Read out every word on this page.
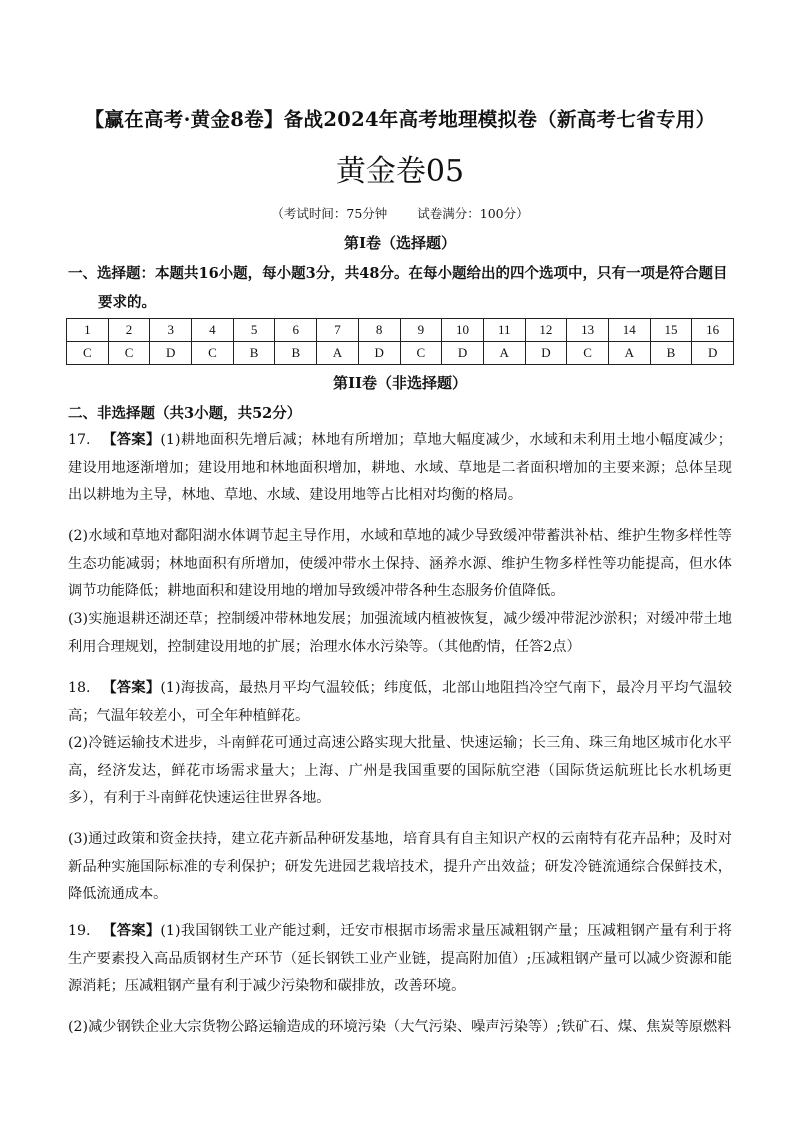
【赢在高考·黄金8卷】备战2024年高考地理模拟卷（新高考七省专用）
黄金卷05
（考试时间：75分钟 试卷满分：100分）
第I卷（选择题）
一、选择题：本题共16小题，每小题3分，共48分。在每小题给出的四个选项中，只有一项是符合题目
要求的。
1	2	3	4	5	6	7	8	9	10	11	12	13	14	15	16
C	C	D	C	B	B	A	D	C	D	A	D	C	A	B	D
第II卷（非选择题）
二、非选择题（共3小题，共52分）
17. 【答案】(1)耕地面积先增后减；林地有所增加；草地大幅度减少，水域和未利用土地小幅度减少；建设用地逐渐增加；建设用地和林地面积增加，耕地、水域、草地是二者面积增加的主要来源；总体呈现出以耕地为主导，林地、草地、水域、建设用地等占比相对均衡的格局。
(2)水域和草地对鄱阳湖水体调节起主导作用，水域和草地的减少导致缓冲带蓄洪补枯、维护生物多样性等生态功能减弱；林地面积有所增加，使缓冲带水土保持、涵养水源、维护生物多样性等功能提高，但水体调节功能降低；耕地面积和建设用地的增加导致缓冲带各种生态服务价值降低。
(3)实施退耕还湖还草；控制缓冲带林地发展；加强流域内植被恢复，减少缓冲带泥沙淤积；对缓冲带土地利用合理规划，控制建设用地的扩展；治理水体水污染等。（其他酌情，任答2点）
18. 【答案】(1)海拔高，最热月平均气温较低；纬度低，北部山地阻挡冷空气南下，最冷月平均气温较高；气温年较差小，可全年种植鲜花。
(2)冷链运输技术进步，斗南鲜花可通过高速公路实现大批量、快速运输；长三角、珠三角地区城市化水平高，经济发达，鲜花市场需求量大；上海、广州是我国重要的国际航空港（国际货运航班比长水机场更多），有利于斗南鲜花快速运往世界各地。
(3)通过政策和资金扶持，建立花卉新品种研发基地，培育具有自主知识产权的云南特有花卉品种；及时对新品种实施国际标准的专利保护；研发先进园艺栽培技术，提升产出效益；研发冷链流通综合保鲜技术，降低流通成本。
19. 【答案】(1)我国钢铁工业产能过剩，迁安市根据市场需求量压减粗钢产量；压减粗钢产量有利于将生产要素投入高品质钢材生产环节（延长钢铁工业产业链，提高附加值）;压减粗钢产量可以减少资源和能源消耗；压减粗钢产量有利于减少污染物和碳排放，改善环境。
(2)减少钢铁企业大宗货物公路运输造成的环境污染（大气污染、噪声污染等）;铁矿石、煤、焦炭等原燃料
